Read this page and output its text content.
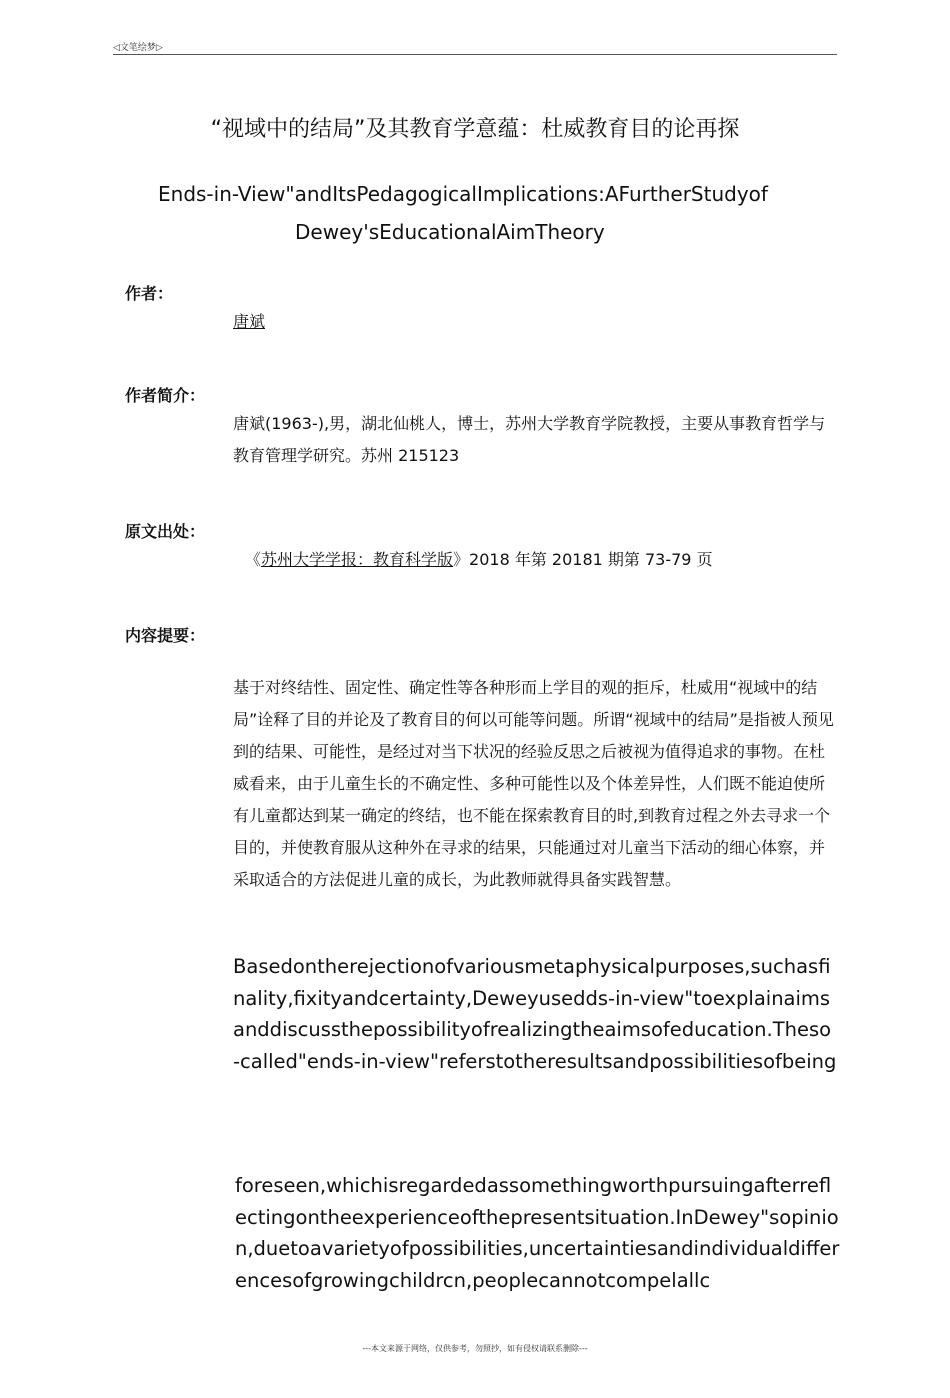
◁文笔绘梦▷
“视域中的结局”及其教育学意蕴：杜威教育目的论再探
Ends-in-View"andItsPedagogicalImplications:AFurtherStudyof
Dewey'sEducationalAimTheory
作者：
唐斌
作者简介：
唐斌(1963-),男，湖北仙桃人，博士，苏州大学教育学院教授，主要从事教育哲学与教育管理学研究。苏州 215123
原文出处：
《苏州大学学报：教育科学版》2018 年第 20181 期第 73-79 页
内容提要：
基于对终结性、固定性、确定性等各种形而上学目的观的拒斥，杜威用“视域中的结局”诠释了目的并论及了教育目的何以可能等问题。所谓“视域中的结局”是指被人预见到的结果、可能性，是经过对当下状况的经验反思之后被视为值得追求的事物。在杜威看来，由于儿童生长的不确定性、多种可能性以及个体差异性，人们既不能迫使所有儿童都达到某一确定的终结，也不能在探索教育目的时,到教育过程之外去寻求一个目的，并使教育服从这种外在寻求的结果，只能通过对儿童当下活动的细心体察，并采取适合的方法促进儿童的成长，为此教师就得具备实践智慧。
Basedontherejectionofvariousmetaphysicalpurposes,suchasfinality,fixityandcertainty,Deweyusedds-in-view"toexplainaims anddiscussthepossibilityofrealizingtheaimsofeducation.Theso-called"ends-in-view"referstotheresultsandpossibilitiesofbeing
foreseen,whichisregardedassomethingworthpursuingafterreflectingontheexperienceofthepresentsituation.InDewey"sopinion,duetoavarietyofpossibilities,uncertaintiesandindividualdifferencesofgrowingchildrcn,peoplecannotcompelallc
---本文来源于网络，仅供参考，勿照抄，如有侵权请联系删除---
